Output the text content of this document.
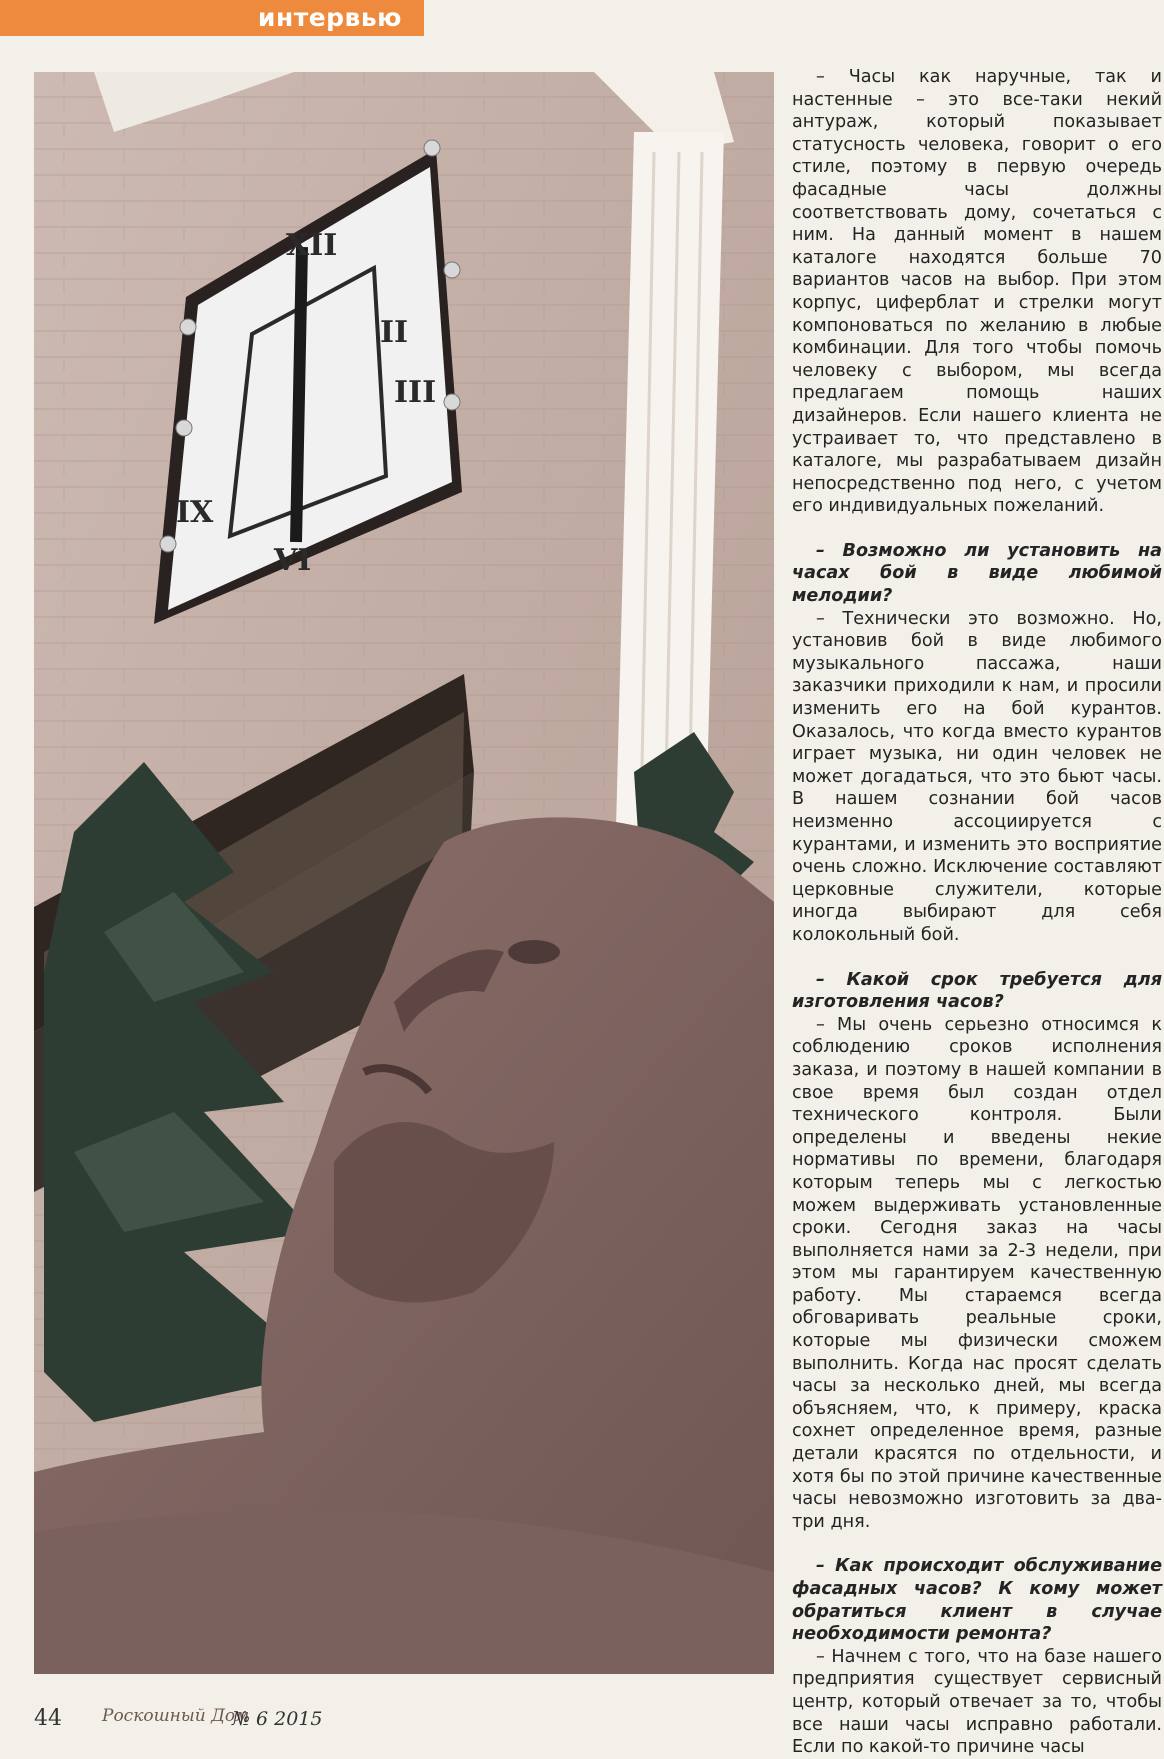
интервью
XII
II
III
IX
VI

– Часы как наручные, так и настенные – это все-таки некий антураж, который показывает статусность человека, говорит о его стиле, поэтому в первую очередь фасадные часы должны соответствовать дому, сочетаться с ним. На данный момент в нашем каталоге находятся больше 70 вариантов часов на выбор. При этом корпус, циферблат и стрелки могут компоноваться по желанию в любые комбинации. Для того чтобы помочь человеку с выбором, мы всегда предлагаем помощь наших дизайнеров. Если нашего клиента не устраивает то, что представлено в каталоге, мы разрабатываем дизайн непосредственно под него, с учетом его индивидуальных пожеланий.

– Возможно ли установить на часах бой в виде любимой мелодии?

– Технически это возможно. Но, установив бой в виде любимого музыкального пассажа, наши заказчики приходили к нам, и просили изменить его на бой курантов. Оказалось, что когда вместо курантов играет музыка, ни один человек не может догадаться, что это бьют часы. В нашем сознании бой часов неизменно ассоциируется с курантами, и изменить это восприятие очень сложно. Исключение составляют церковные служители, которые иногда выбирают для себя колокольный бой.

– Какой срок требуется для изготовления часов?

– Мы очень серьезно относимся к соблюдению сроков исполнения заказа, и поэтому в нашей компании в свое время был создан отдел технического контроля. Были определены и введены некие нормативы по времени, благодаря которым теперь мы с легкостью можем выдерживать установленные сроки. Сегодня заказ на часы выполняется нами за 2-3 недели, при этом мы гарантируем качественную работу. Мы стараемся всегда обговаривать реальные сроки, которые мы физически сможем выполнить. Когда нас просят сделать часы за несколько дней, мы всегда объясняем, что, к примеру, краска сохнет определенное время, разные детали красятся по отдельности, и хотя бы по этой причине качественные часы невозможно изготовить за два-три дня.

– Как происходит обслуживание фасадных часов? К кому может обратиться клиент в случае необходимости ремонта?

– Начнем с того, что на базе нашего предприятия существует сервисный центр, который отвечает за то, чтобы все наши часы исправно работали. Если по какой-то причине часы

44 Роскошный Дом
№ 6 2015
